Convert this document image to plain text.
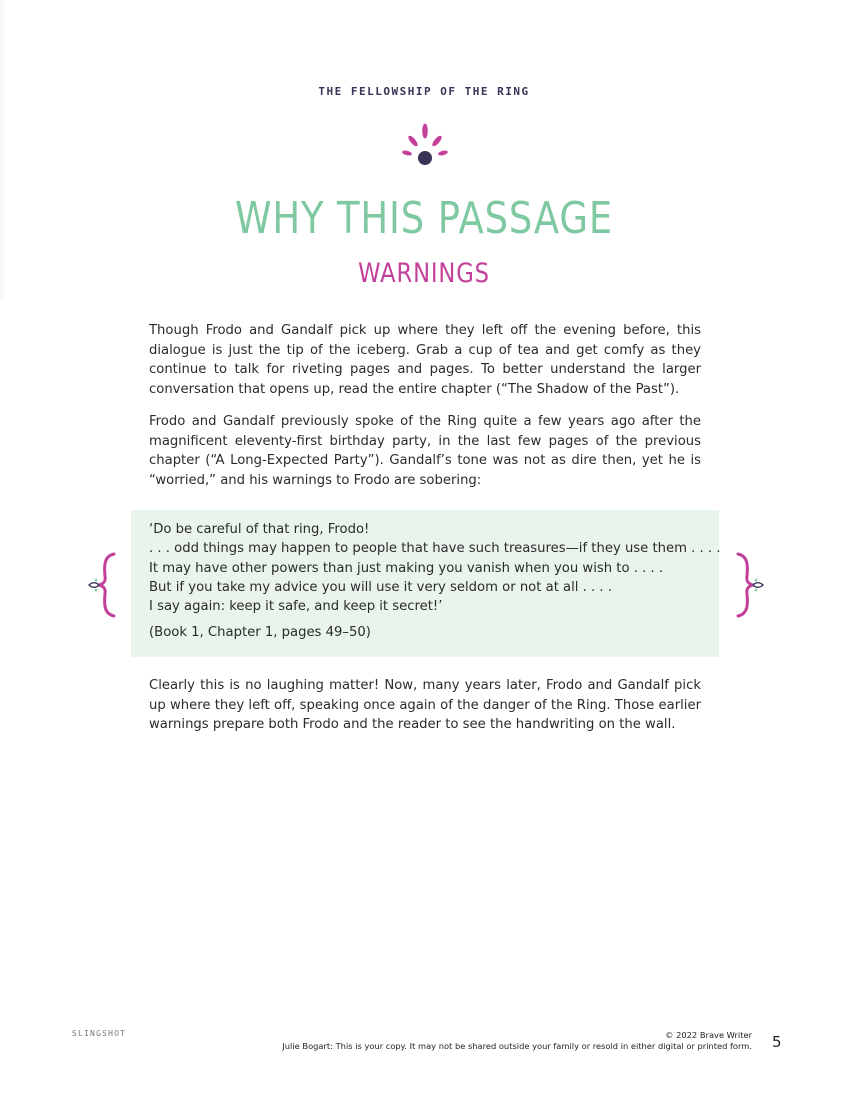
THE FELLOWSHIP OF THE RING
WHY THIS PASSAGE
WARNINGS

Though Frodo and Gandalf pick up where they left off the evening before, this dialogue is just the tip of the iceberg. Grab a cup of tea and get comfy as they continue to talk for riveting pages and pages. To better understand the larger conversation that opens up, read the entire chapter (“The Shadow of the Past”).

Frodo and Gandalf previously spoke of the Ring quite a few years ago after the magnificent eleventy-first birthday party, in the last few pages of the previous chapter (“A Long-Expected Party”). Gandalf’s tone was not as dire then, yet he is “worried,” and his warnings to Frodo are sobering:

‘Do be careful of that ring, Frodo!
. . . odd things may happen to people that have such treasures—if they use them . . . .
It may have other powers than just making you vanish when you wish to . . . .
But if you take my advice you will use it very seldom or not at all . . . .
I say again: keep it safe, and keep it secret!’
(Book 1, Chapter 1, pages 49–50)

Clearly this is no laughing matter! Now, many years later, Frodo and Gandalf pick up where they left off, speaking once again of the danger of the Ring. Those earlier warnings prepare both Frodo and the reader to see the handwriting on the wall.

SLINGSHOT	© 2022 Brave Writer
Julie Bogart: This is your copy. It may not be shared outside your family or resold in either digital or printed form. 5
